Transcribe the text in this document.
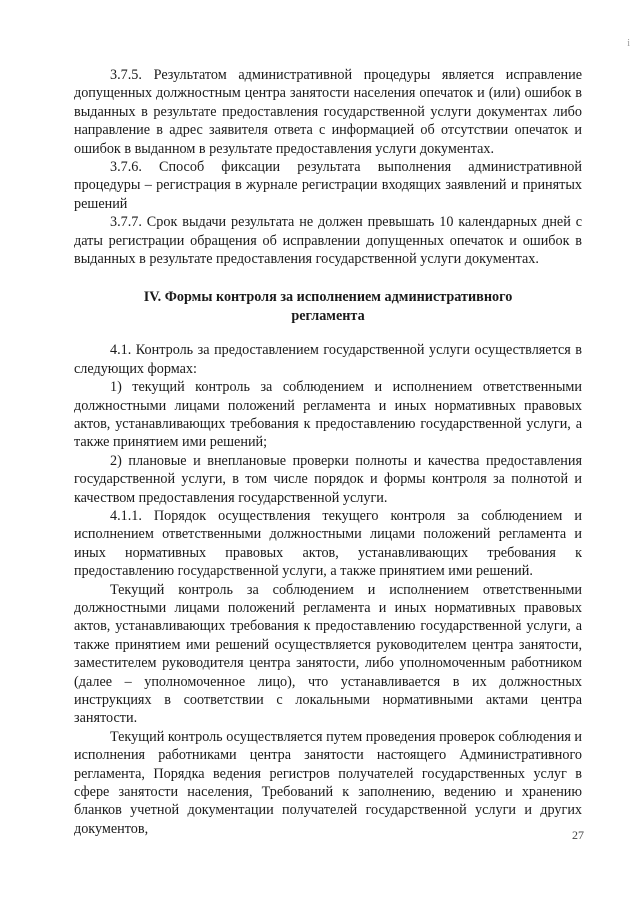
i

3.7.5. Результатом административной процедуры является исправление допущенных должностным центра занятости населения опечаток и (или) ошибок в выданных в результате предоставления государственной услуги документах либо направление в адрес заявителя ответа с информацией об отсутствии опечаток и ошибок в выданном в результате предоставления услуги документах.

3.7.6. Способ фиксации результата выполнения административной процедуры – регистрация в журнале регистрации входящих заявлений и принятых решений

3.7.7. Срок выдачи результата не должен превышать 10 календарных дней с даты регистрации обращения об исправлении допущенных опечаток и ошибок в выданных в результате предоставления государственной услуги документах.

IV. Формы контроля за исполнением административного регламента

4.1. Контроль за предоставлением государственной услуги осуществляется в следующих формах:

1) текущий контроль за соблюдением и исполнением ответственными должностными лицами положений регламента и иных нормативных правовых актов, устанавливающих требования к предоставлению государственной услуги, а также принятием ими решений;

2) плановые и внеплановые проверки полноты и качества предоставления государственной услуги, в том числе порядок и формы контроля за полнотой и качеством предоставления государственной услуги.

4.1.1. Порядок осуществления текущего контроля за соблюдением и исполнением ответственными должностными лицами положений регламента и иных нормативных правовых актов, устанавливающих требования к предоставлению государственной услуги, а также принятием ими решений.

Текущий контроль за соблюдением и исполнением ответственными должностными лицами положений регламента и иных нормативных правовых актов, устанавливающих требования к предоставлению государственной услуги, а также принятием ими решений осуществляется руководителем центра занятости, заместителем руководителя центра занятости, либо уполномоченным работником (далее – уполномоченное лицо), что устанавливается в их должностных инструкциях в соответствии с локальными нормативными актами центра занятости.

Текущий контроль осуществляется путем проведения проверок соблюдения и исполнения работниками центра занятости настоящего Административного регламента, Порядка ведения регистров получателей государственных услуг в сфере занятости населения, Требований к заполнению, ведению и хранению бланков учетной документации получателей государственной услуги и других документов,	27
